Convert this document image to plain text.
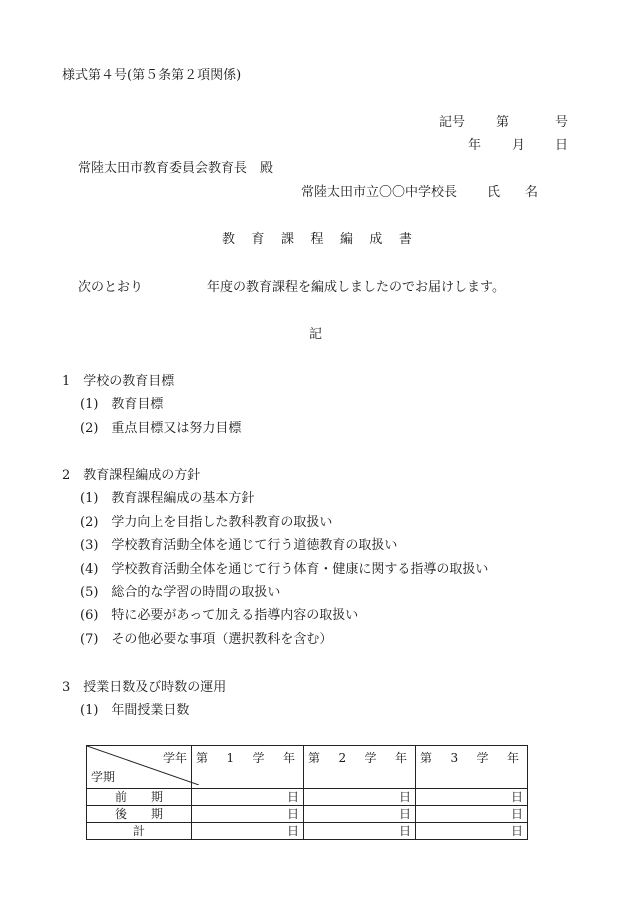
様式第４号(第５条第２項関係)
記号 第	号
年 月 日
常陸太田市教育委員会教育長　殿
常陸太田市立〇〇中学校長 氏 名
教 育 課 程 編 成 書
次のとおり	年度の教育課程を編成しましたのでお届けします。
記
1　学校の教育目標
(1)　教育目標
(2)　重点目標又は努力目標
2　教育課程編成の方針
(1)　教育課程編成の基本方針
(2)　学力向上を目指した教科教育の取扱い
(3)　学校教育活動全体を通じて行う道徳教育の取扱い
(4)　学校教育活動全体を通じて行う体育・健康に関する指導の取扱い
(5)　総合的な学習の時間の取扱い
(6)　特に必要があって加える指導内容の取扱い
(7)　その他必要な事項（選択教科を含む）
3　授業日数及び時数の運用
(1)　年間授業日数
学年
学期	第 1 学 年	第 2 学 年	第 3 学 年

前　　期	日	日	日
後　　期	日	日	日
計	日	日	日
